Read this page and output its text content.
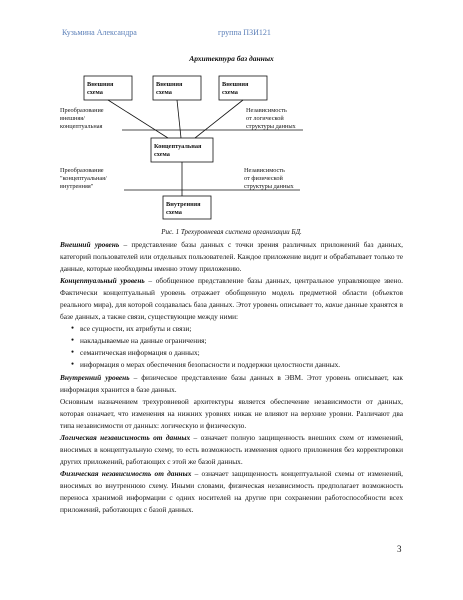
Кузьмина Александра	группа ПЗИ121
Архитектура баз данных
Внешняя
схема
Внешняя
схема
Внешняя
схема
Концептуальная
схема
Внутренняя
схема
Преобразование
внешняя/
концептуальная
Независимость
от логической
структуры данных
Преобразование
"концептуальная/
внутренняя"
Независимость
от физической
структуры данных
Рис. 1 Трехуровневая система организации БД.

Внешний уровень – представление базы данных с точки зрения различных приложений баз данных, категорий пользователей или отдельных пользователей. Каждое приложение видит и обрабатывает только те данные, которые необходимы именно этому приложению.

Концептуальный уровень – обобщенное представление базы данных, центральное управляющее звено. Фактически концептуальный уровень отражает обобщенную модель предметной области (объектов реального мира), для которой создавалась база данных. Этот уровень описывает то, какие данные хранятся в базе данных, а также связи, существующие между ними:

● все сущности, их атрибуты и связи;
● накладываемые на данные ограничения;
● семантическая информация о данных;
● информация о мерах обеспечения безопасности и поддержки целостности данных.

Внутренний уровень – физическое представление базы данных в ЭВМ. Этот уровень описывает, как информация хранится в базе данных.

Основным назначением трехуровневой архитектуры является обеспечение независимости от данных, которая означает, что изменения на нижних уровнях никак не влияют на верхние уровни. Различают два типа независимости от данных: логическую и физическую.

Логическая независимость от данных – означает полную защищенность внешних схем от изменений, вносимых в концептуальную схему, то есть возможность изменения одного приложения без корректировки других приложений, работающих с этой же базой данных.

Физическая независимость от данных – означает защищенность концептуальной схемы от изменений, вносимых во внутреннюю схему. Иными словами, физическая независимость предполагает возможность переноса хранимой информации с одних носителей на другие при сохранении работоспособности всех приложений, работающих с базой данных.

3
